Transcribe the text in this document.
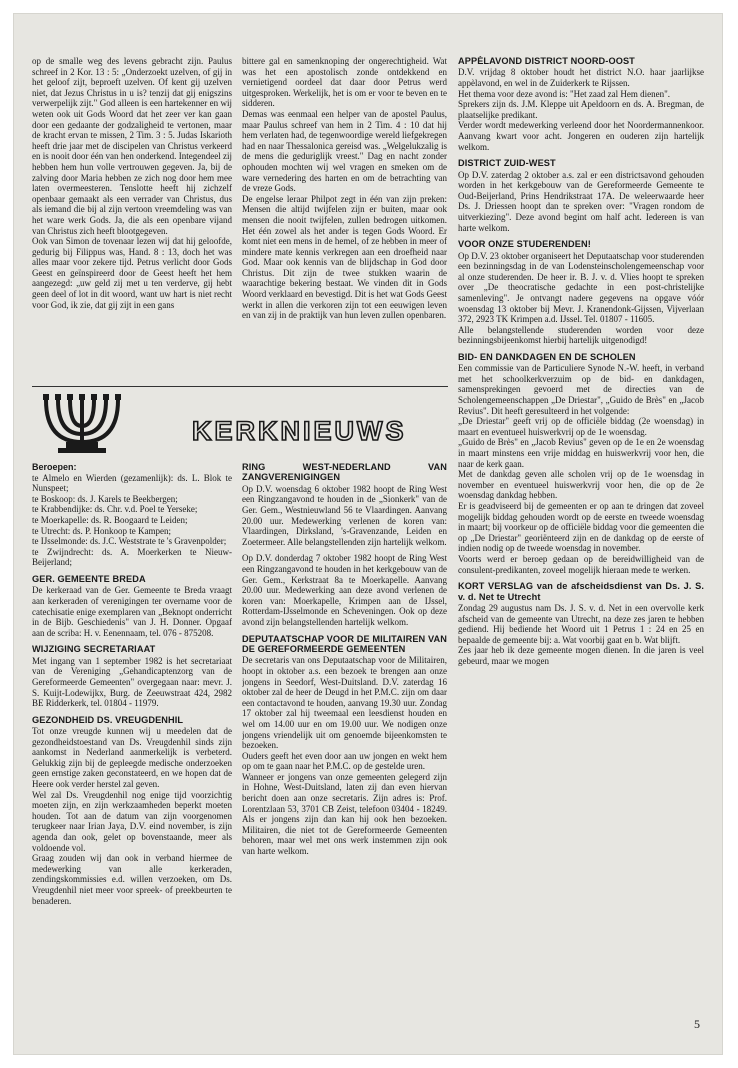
op de smalle weg des levens gebracht zijn. Paulus schreef in 2 Kor. 13 : 5: „Onderzoekt uzelven, of gij in het geloof zijt, beproeft uzelven. Of kent gij uzelven niet, dat Jezus Christus in u is? tenzij dat gij enigszins verwerpelijk zijt." God alleen is een hartekenner en wij weten ook uit Gods Woord dat het zeer ver kan gaan door een gedaante der godzaligheid te vertonen, maar de kracht ervan te missen, 2 Tim. 3 : 5. Judas Iskarioth heeft drie jaar met de discipelen van Christus verkeerd en is nooit door één van hen onderkend. Integendeel zij hebben hem hun volle vertrouwen gegeven. Ja, bij de zalving door Maria hebben ze zich nog door hem mee laten overmeesteren. Tenslotte heeft hij zichzelf openbaar gemaakt als een verrader van Christus, dus als iemand die bij al zijn vertoon vreemdeling was van het ware werk Gods. Ja, die als een openbare vijand van Christus zich heeft blootgegeven.

Ook van Simon de tovenaar lezen wij dat hij geloofde, gedurig bij Filippus was, Hand. 8 : 13, doch het was alles maar voor zekere tijd. Petrus verlicht door Gods Geest en geïnspireerd door de Geest heeft het hem aangezegd: „uw geld zij met u ten verderve, gij hebt geen deel of lot in dit woord, want uw hart is niet recht voor God, ik zie, dat gij zijt in een gans

bittere gal en samenknoping der ongerechtigheid. Wat was het een apostolisch zonde ontdekkend en vernietigend oordeel dat daar door Petrus werd uitgesproken. Werkelijk, het is om er voor te beven en te sidderen.

Demas was eenmaal een helper van de apostel Paulus, maar Paulus schreef van hem in 2 Tim. 4 : 10 dat hij hem verlaten had, de tegenwoordige wereld liefgekregen had en naar Thessalonica gereisd was. „Welgelukzalig is de mens die geduriglijk vreest." Dag en nacht zonder ophouden mochten wij wel vragen en smeken om de ware vernedering des harten en om de betrachting van de vreze Gods.

De engelse leraar Philpot zegt in één van zijn preken: Mensen die altijd twijfelen zijn er buiten, maar ook mensen die nooit twijfelen, zullen bedrogen uitkomen. Het één zowel als het ander is tegen Gods Woord. Er komt niet een mens in de hemel, of ze hebben in meer of mindere mate kennis verkregen aan een droefheid naar God. Maar ook kennis van de blijdschap in God door Christus. Dit zijn de twee stukken waarin de waarachtige bekering bestaat. We vinden dit in Gods Woord verklaard en bevestigd. Dit is het wat Gods Geest werkt in allen die verkoren zijn tot een eeuwigen leven en van zij in de praktijk van hun leven zullen openbaren.

KERKNIEUWS
Beroepen:
te Almelo en Wierden (gezamenlijk): ds. L. Blok te Nunspeet;
te Boskoop: ds. J. Karels te Beekbergen;
te Krabbendijke: ds. Chr. v.d. Poel te Yerseke;
te Moerkapelle: ds. R. Boogaard te Leiden;
te Utrecht: ds. P. Honkoop te Kampen;
te IJsselmonde: ds. J.C. Weststrate te 's Gravenpolder;
te Zwijndrecht: ds. A. Moerkerken te Nieuw-Beijerland;
GER. GEMEENTE BREDA

De kerkeraad van de Ger. Gemeente te Breda vraagt aan kerkeraden of verenigingen ter overname voor de catechisatie enige exemplaren van „Beknopt onderricht in de Bijb. Geschiedenis" van J. H. Donner. Opgaaf aan de scriba: H. v. Eenennaam, tel. 076 - 875208.

WIJZIGING SECRETARIAAT

Met ingang van 1 september 1982 is het secretariaat van de Vereniging „Gehandicaptenzorg van de Gereformeerde Gemeenten" overgegaan naar: mevr. J. S. Kuijt-Lodewijkx, Burg. de Zeeuwstraat 424, 2982 BE Ridderkerk, tel. 01804 - 11979.

GEZONDHEID DS. VREUGDENHIL

Tot onze vreugde kunnen wij u meedelen dat de gezondheidstoestand van Ds. Vreugdenhil sinds zijn aankomst in Nederland aanmerkelijk is verbeterd. Gelukkig zijn bij de gepleegde medische onderzoeken geen ernstige zaken geconstateerd, en we hopen dat de Heere ook verder herstel zal geven.

Wel zal Ds. Vreugdenhil nog enige tijd voorzichtig moeten zijn, en zijn werkzaamheden beperkt moeten houden. Tot aan de datum van zijn voorgenomen terugkeer naar Irian Jaya, D.V. eind november, is zijn agenda dan ook, gelet op bovenstaande, meer als voldoende vol.

Graag zouden wij dan ook in verband hiermee de medewerking van alle kerkeraden, zendingskommissies e.d. willen verzoeken, om Ds. Vreugdenhil niet meer voor spreek- of preekbeurten te benaderen.

RING WEST-NEDERLAND VAN ZANGVERENIGINGEN

Op D.V. woensdag 6 oktober 1982 hoopt de Ring West een Ringzangavond te houden in de „Sionkerk" van de Ger. Gem., Westnieuwland 56 te Vlaardingen. Aanvang 20.00 uur. Medewerking verlenen de koren van: Vlaardingen, Dirksland, 's-Gravenzande, Leiden en Zoetermeer. Alle belangstellenden zijn hartelijk welkom.

Op D.V. donderdag 7 oktober 1982 hoopt de Ring West een Ringzangavond te houden in het kerkgebouw van de Ger. Gem., Kerkstraat 8a te Moerkapelle. Aanvang 20.00 uur. Medewerking aan deze avond verlenen de koren van: Moerkapelle, Krimpen aan de IJssel, Rotterdam-IJsselmonde en Scheveningen. Ook op deze avond zijn belangstellenden hartelijk welkom.

DEPUTAATSCHAP VOOR DE MILITAIREN VAN DE GEREFORMEERDE GEMEENTEN

De secretaris van ons Deputaatschap voor de Militairen, hoopt in oktober a.s. een bezoek te brengen aan onze jongens in Seedorf, West-Duitsland. D.V. zaterdag 16 oktober zal de heer de Deugd in het P.M.C. zijn om daar een contactavond te houden, aanvang 19.30 uur. Zondag 17 oktober zal hij tweemaal een leesdienst houden en wel om 14.00 uur en om 19.00 uur. We nodigen onze jongens vriendelijk uit om genoemde bijeenkomsten te bezoeken.

Ouders geeft het even door aan uw jongen en wekt hem op om te gaan naar het P.M.C. op de gestelde uren.

Wanneer er jongens van onze gemeenten gelegerd zijn in Hohne, West-Duitsland, laten zij dan even hiervan bericht doen aan onze secretaris. Zijn adres is: Prof. Lorentzlaan 53, 3701 CB Zeist, telefoon 03404 - 18249. Als er jongens zijn dan kan hij ook hen bezoeken. Militairen, die niet tot de Gereformeerde Gemeenten behoren, maar wel met ons werk instemmen zijn ook van harte welkom.

APPÈLAVOND DISTRICT NOORD-OOST

D.V. vrijdag 8 oktober houdt het district N.O. haar jaarlijkse appèlavond, en wel in de Zuiderkerk te Rijssen.

Het thema voor deze avond is: "Het zaad zal Hem dienen".

Sprekers zijn ds. J.M. Kleppe uit Apeldoorn en ds. A. Bregman, de plaatselijke predikant.

Verder wordt medewerking verleend door het Noordermannenkoor. Aanvang kwart voor acht. Jongeren en ouderen zijn hartelijk welkom.

DISTRICT ZUID-WEST

Op D.V. zaterdag 2 oktober a.s. zal er een districtsavond gehouden worden in het kerkgebouw van de Gereformeerde Gemeente te Oud-Beijerland, Prins Hendrikstraat 17A. De weleerwaarde heer Ds. J. Driessen hoopt dan te spreken over: "Vragen rondom de uitverkiezing". Deze avond begint om half acht. Iedereen is van harte welkom.

VOOR ONZE STUDERENDEN!

Op D.V. 23 oktober organiseert het Deputaatschap voor studerenden een bezinningsdag in de van Lodensteinscholengemeenschap voor al onze studerenden. De heer ir. B. J. v. d. Vlies hoopt te spreken over „De theocratische gedachte in een post-christelijke samenleving". Je ontvangt nadere gegevens na opgave vóór woensdag 13 oktober bij Mevr. J. Kranendonk-Gijssen, Vijverlaan 372, 2923 TK Krimpen a.d. IJssel. Tel. 01807 - 11605.

Alle belangstellende studerenden worden voor deze bezinningsbijeenkomst hierbij hartelijk uitgenodigd!

BID- EN DANKDAGEN EN DE SCHOLEN

Een commissie van de Particuliere Synode N.-W. heeft, in verband met het schoolkerkverzuim op de bid- en dankdagen, samensprekingen gevoerd met de directies van de Scholengemeenschappen „De Driestar", „Guido de Brès" en „Jacob Revius". Dit heeft geresulteerd in het volgende:

„De Driestar" geeft vrij op de officiële biddag (2e woensdag) in maart en eventueel huiswerkvrij op de 1e woensdag.

„Guido de Brès" en „Jacob Revius" geven op de 1e en 2e woensdag in maart minstens een vrije middag en huiswerkvrij voor hen, die naar de kerk gaan.

Met de dankdag geven alle scholen vrij op de 1e woensdag in november en eventueel huiswerkvrij voor hen, die op de 2e woensdag dankdag hebben.

Er is geadviseerd bij de gemeenten er op aan te dringen dat zoveel mogelijk biddag gehouden wordt op de eerste en tweede woensdag in maart; bij voorkeur op de officiële biddag voor die gemeenten die op „De Driestar" georiënteerd zijn en de dankdag op de eerste of indien nodig op de tweede woensdag in november.

Voorts werd er beroep gedaan op de bereidwilligheid van de consulent-predikanten, zoveel mogelijk hieraan mede te werken.

KORT VERSLAG van de afscheidsdienst van Ds. J. S. v. d. Net te Utrecht

Zondag 29 augustus nam Ds. J. S. v. d. Net in een overvolle kerk afscheid van de gemeente van Utrecht, na deze zes jaren te hebben gediend. Hij bediende het Woord uit 1 Petrus 1 : 24 en 25 en bepaalde de gemeente bij: a. Wat voorbij gaat en b. Wat blijft.

Zes jaar heb ik deze gemeente mogen dienen. In die jaren is veel gebeurd, maar we mogen

5
